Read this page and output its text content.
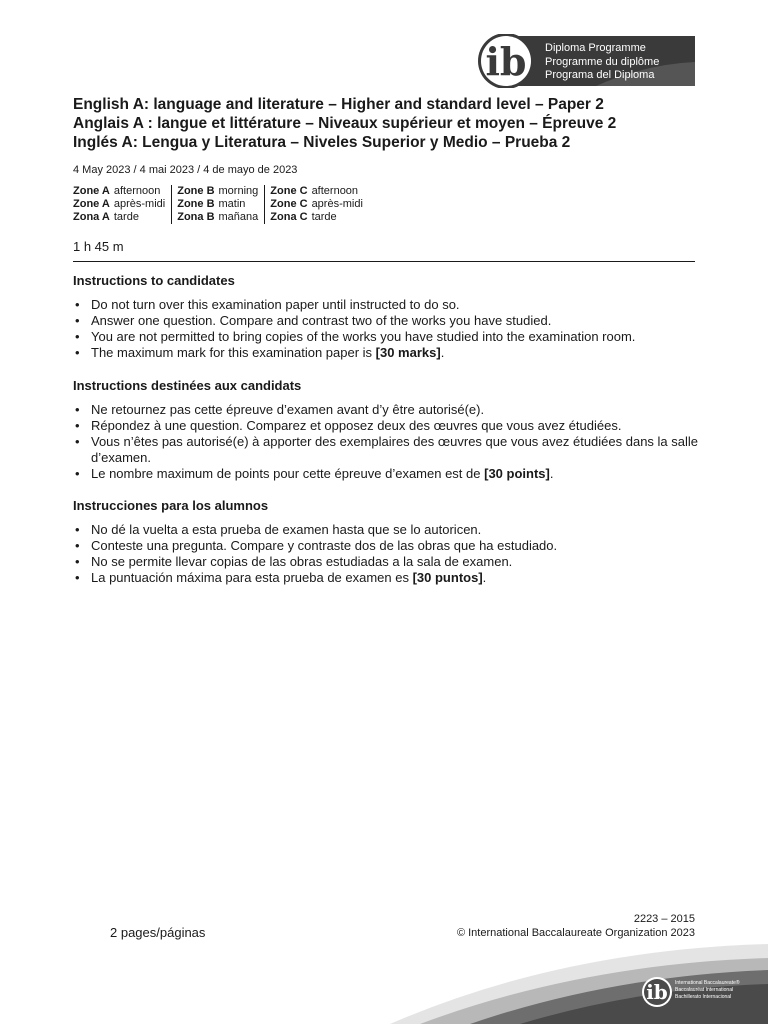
ib Diploma Programme
Programme du diplôme
Programa del Diploma
English A: language and literature – Higher and standard level – Paper 2
Anglais A : langue et littérature – Niveaux supérieur et moyen – Épreuve 2
Inglés A: Lengua y Literatura – Niveles Superior y Medio – Prueba 2
4 May 2023 / 4 mai 2023 / 4 de mayo de 2023
Zone A afternoon
Zone A après-midi
Zona A tarde
Zone B morning
Zone B matin
Zona B mañana
Zone C afternoon
Zone C après-midi
Zona C tarde
1 h 45 m
Instructions to candidates
• Do not turn over this examination paper until instructed to do so.
• Answer one question. Compare and contrast two of the works you have studied.
• You are not permitted to bring copies of the works you have studied into the examination room.
• The maximum mark for this examination paper is [30 marks].
Instructions destinées aux candidats
• Ne retournez pas cette épreuve d’examen avant d’y être autorisé(e).
• Répondez à une question. Comparez et opposez deux des œuvres que vous avez étudiées.
• Vous n’êtes pas autorisé(e) à apporter des exemplaires des œuvres que vous avez étudiées dans la salle d’examen.
• Le nombre maximum de points pour cette épreuve d’examen est de [30 points].
Instrucciones para los alumnos
• No dé la vuelta a esta prueba de examen hasta que se lo autoricen.
• Conteste una pregunta. Compare y contraste dos de las obras que ha estudiado.
• No se permite llevar copias de las obras estudiadas a la sala de examen.
• La puntuación máxima para esta prueba de examen es [30 puntos].
2 pages/páginas
2223 – 2015
© International Baccalaureate Organization 2023
ib International Baccalaureate®
Baccalauréat International
Bachillerato Internacional
